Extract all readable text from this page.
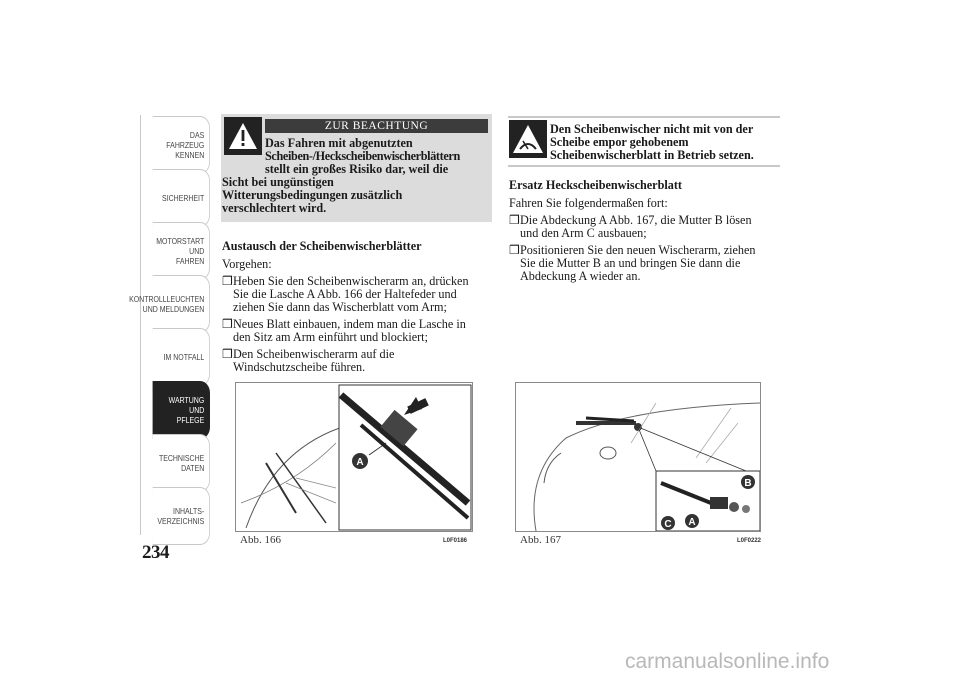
DAS FAHRZEUG
KENNEN
SICHERHEIT
MOTORSTART UND
FAHREN
KONTROLLLEUCHTEN
UND MELDUNGEN
IM NOTFALL
WARTUNG UND
PFLEGE
TECHNISCHE
DATEN
INHALTS-
VERZEICHNIS
234
ZUR BEACHTUNG
Das Fahren mit abgenutzten
Scheiben-/Heckscheibenwischerblättern
stellt ein großes Risiko dar, weil die
Sicht bei ungünstigen
Witterungsbedingungen zusätzlich
verschlechtert wird.
Austausch der Scheibenwischerblätter
Vorgehen:
❒ Heben Sie den Scheibenwischerarm an, drücken
Sie die Lasche A Abb. 166 der Haltefeder und
ziehen Sie dann das Wischerblatt vom Arm;
❒ Neues Blatt einbauen, indem man die Lasche in
den Sitz am Arm einführt und blockiert;
❒ Den Scheibenwischerarm auf die
Windschutzscheibe führen.
Den Scheibenwischer nicht mit von der
Scheibe empor gehobenem
Scheibenwischerblatt in Betrieb setzen.
Ersatz Heckscheibenwischerblatt
Fahren Sie folgendermaßen fort:
❒ Die Abdeckung A Abb. 167, die Mutter B lösen
und den Arm C ausbauen;
❒ Positionieren Sie den neuen Wischerarm, ziehen
Sie die Mutter B an und bringen Sie dann die
Abdeckung A wieder an.
A
Abb. 166	L0F0186
B
C A
Abb. 167	L0F0222
carmanualsonline.info
